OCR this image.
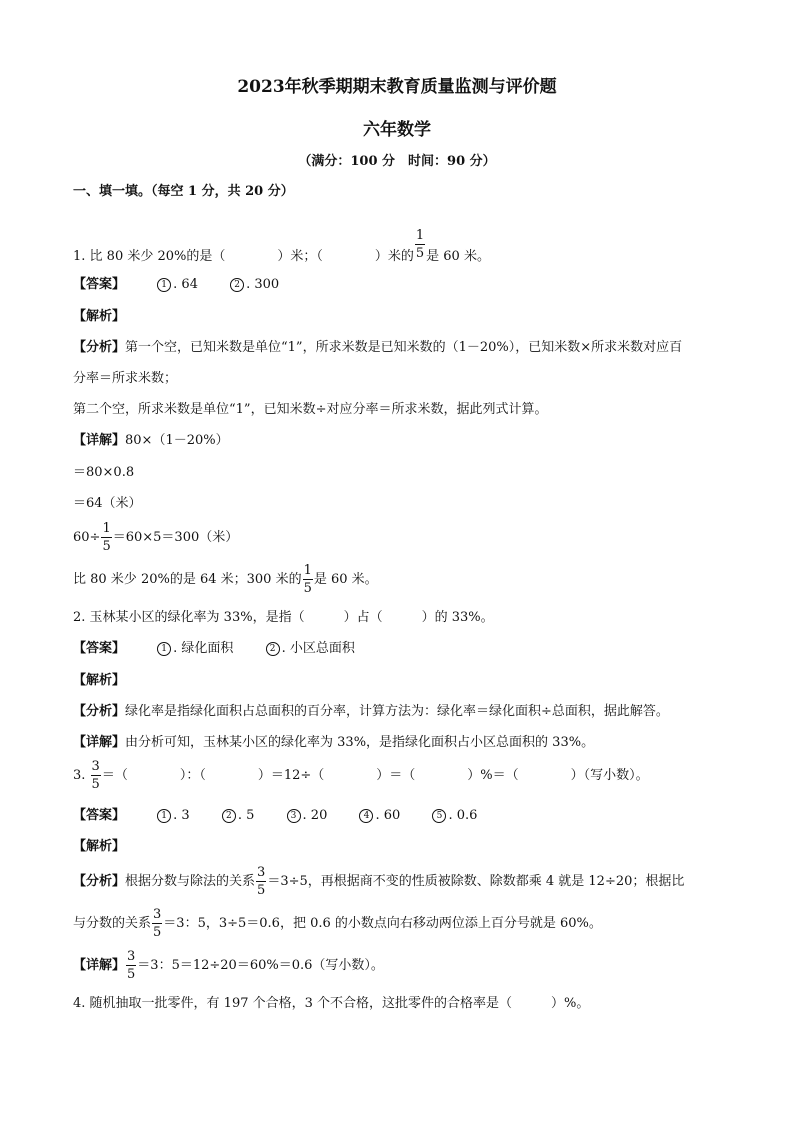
2023年秋季期期末教育质量监测与评价题
六年数学
（满分：100 分　时间：90 分）
一、填一填。（每空 1 分，共 20 分）
1. 比 80 米少 20%的是（　　　　）米；（　　　　）米的 $\frac{1}{5}$ 是 60 米。
【答案】	1 . 64	2 . 300
【解析】
【分析】第一个空，已知米数是单位“1”，所求米数是已知米数的（1－20%），已知米数×所求米数对应百
分率＝所求米数；
第二个空，所求米数是单位“1”，已知米数÷对应分率＝所求米数，据此列式计算。
【详解】80×（1－20%）
＝80×0.8
＝64（米）
$60\div \frac{1}{5} =60\times 5=300$（米）
比 80 米少 20%的是 64 米；300 米的 $\frac{1}{5}$ 是 60 米。
2. 玉林某小区的绿化率为 33%，是指（　　　）占（　　　）的 33%。
【答案】	1 . 绿化面积	2 . 小区总面积
【解析】
【分析】绿化率是指绿化面积占总面积的百分率，计算方法为：绿化率＝绿化面积÷总面积，据此解答。
【详解】由分析可知，玉林某小区的绿化率为 33%，是指绿化面积占小区总面积的 33%。
3. $\frac{3}{5}$ ＝（　　　　）：（　　　　）＝12÷（　　　　）＝（　　　　）%＝（　　　　）（写小数）。
【答案】	1 . 3	2 . 5	3 . 20	4 . 60	5 . 0.6
【解析】
【分析】根据分数与除法的关系 $\frac{3}{5} =3\div 5$，再根据商不变的性质被除数、除数都乘 4 就是 12÷20；根据比
与分数的关系 $\frac{3}{5} =3$：5，3÷5＝0.6，把 0.6 的小数点向右移动两位添上百分号就是 60%。
【详解】 $\frac{3}{5} =3$：5＝12÷20＝60%＝0.6（写小数）。
4. 随机抽取一批零件，有 197 个合格，3 个不合格，这批零件的合格率是（　　　）%。
